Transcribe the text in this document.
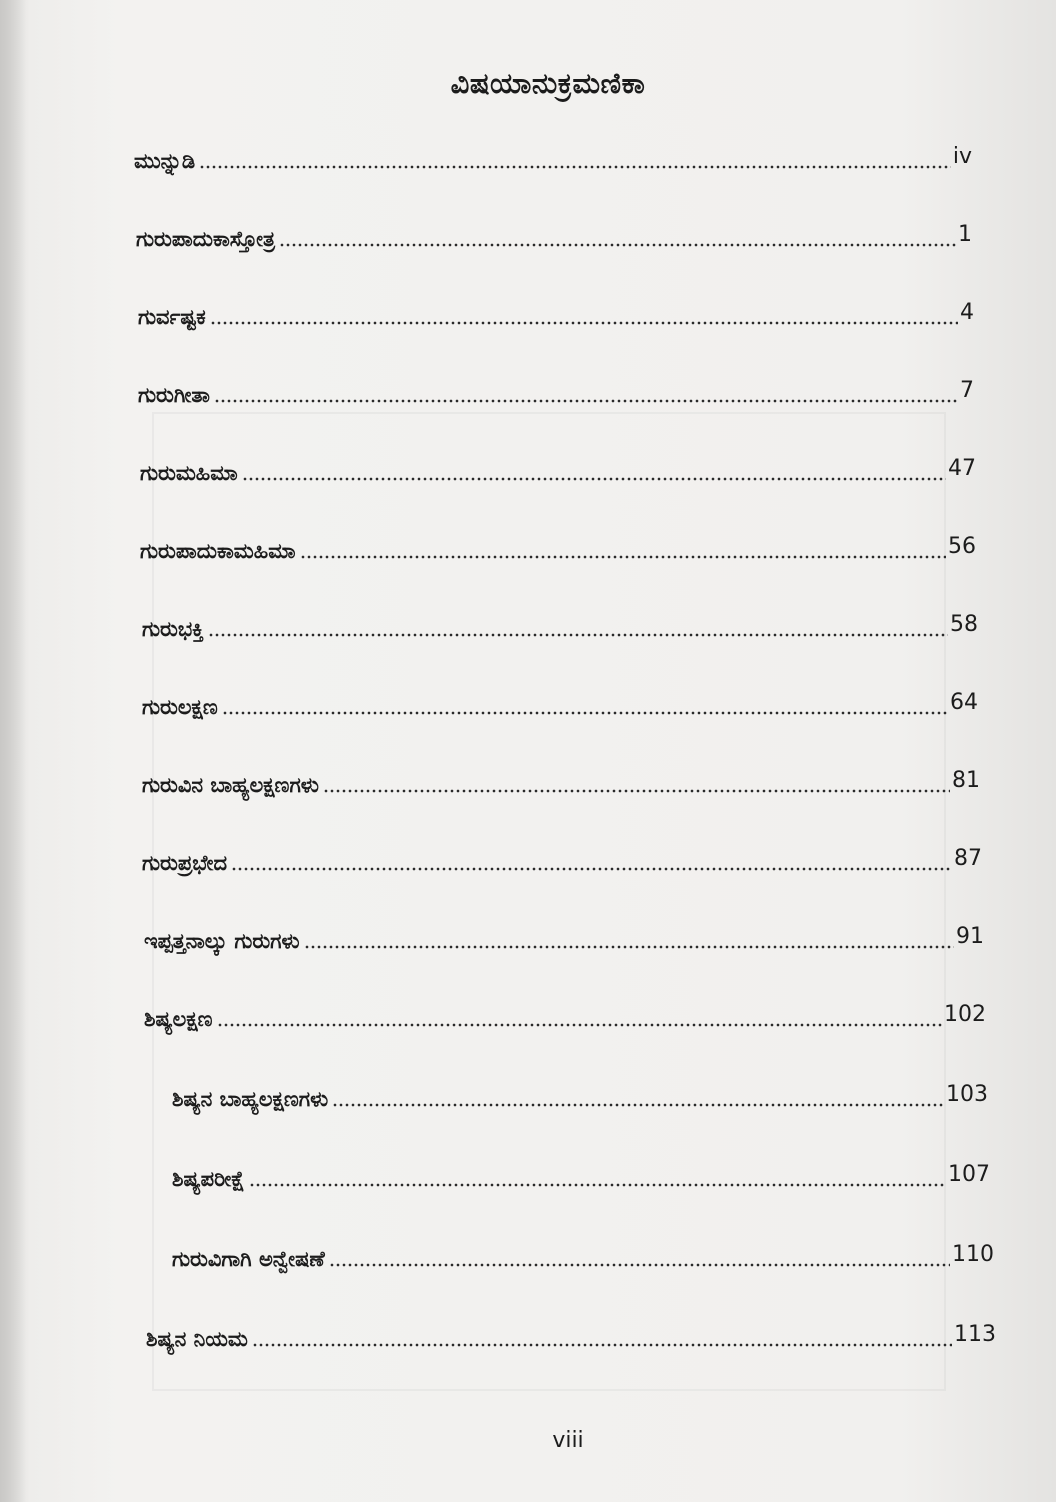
ವಿಷಯಾನುಕ್ರಮಣಿಕಾ
ಮುನ್ನುಡಿ	iv
ಗುರುಪಾದುಕಾಸ್ತೋತ್ರ	1
ಗುರ್ವಷ್ಟಕ	4
ಗುರುಗೀತಾ	7
ಗುರುಮಹಿಮಾ	47
ಗುರುಪಾದುಕಾಮಹಿಮಾ	56
ಗುರುಭಕ್ತಿ	58
ಗುರುಲಕ್ಷಣ	64
ಗುರುವಿನ ಬಾಹ್ಯಲಕ್ಷಣಗಳು	81
ಗುರುಪ್ರಭೇದ	87
ಇಪ್ಪತ್ತನಾಲ್ಕು ಗುರುಗಳು	91
ಶಿಷ್ಯಲಕ್ಷಣ	102
ಶಿಷ್ಯನ ಬಾಹ್ಯಲಕ್ಷಣಗಳು	103
ಶಿಷ್ಯಪರೀಕ್ಷೆ	107
ಗುರುವಿಗಾಗಿ ಅನ್ವೇಷಣೆ	110
ಶಿಷ್ಯನ ನಿಯಮ	113
viii
